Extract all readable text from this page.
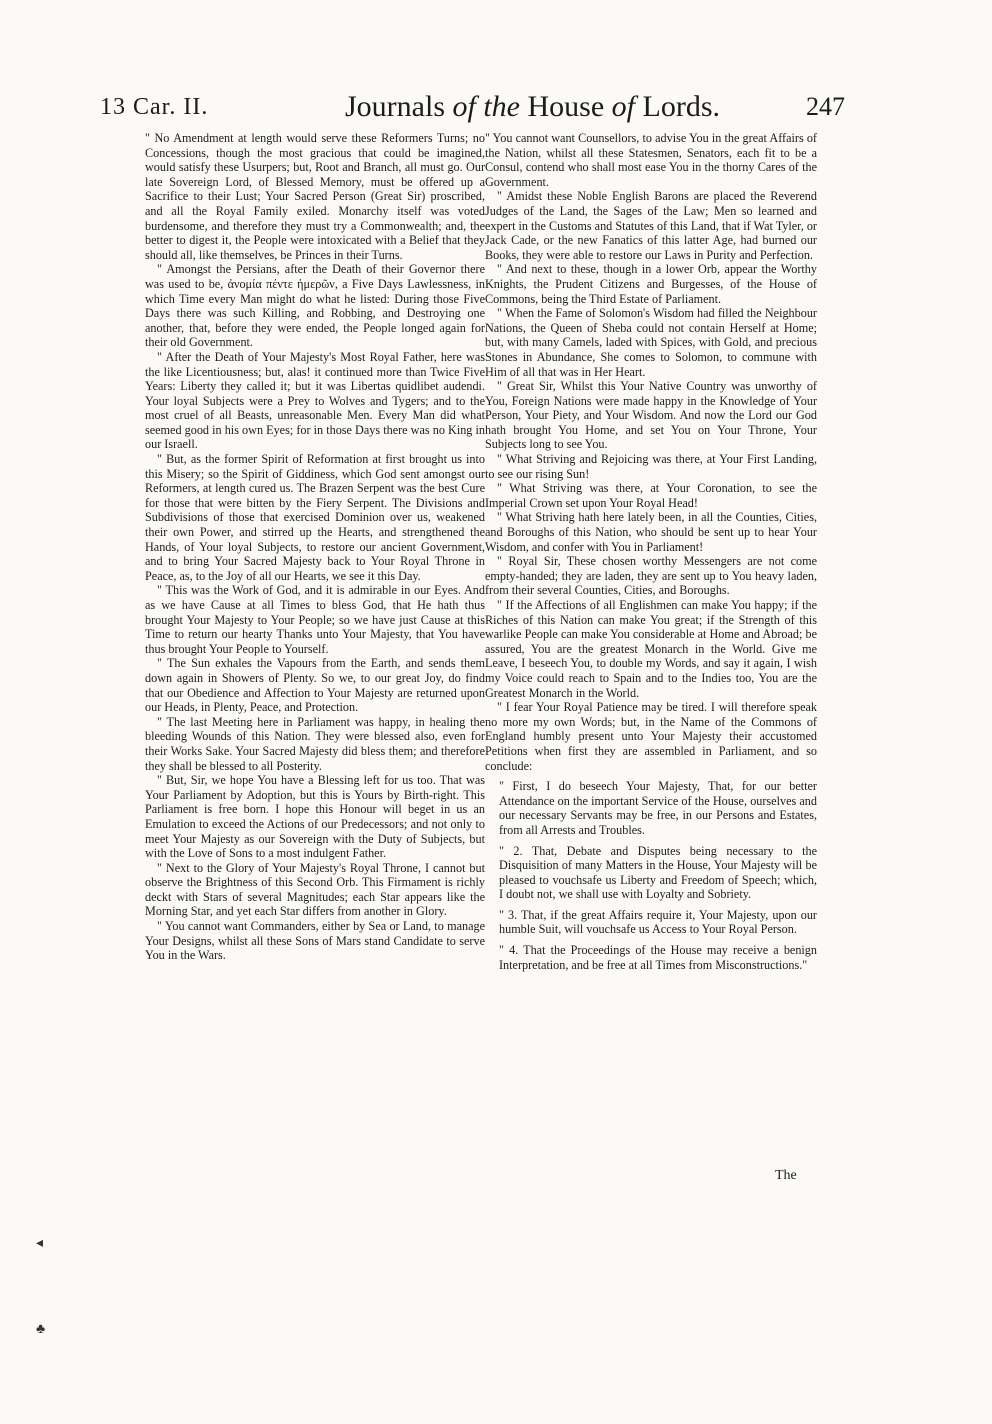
13 Car. II.	Journals of the House of Lords.	247

" No Amendment at length would serve these Reformers Turns; no Concessions, though the most gracious that could be imagined, would satisfy these Usurpers; but, Root and Branch, all must go. Our late Sovereign Lord, of Blessed Memory, must be offered up a Sacrifice to their Lust; Your Sacred Person (Great Sir) proscribed, and all the Royal Family exiled. Monarchy itself was voted burdensome, and therefore they must try a Commonwealth; and, the better to digest it, the People were intoxicated with a Belief that they should all, like themselves, be Princes in their Turns.

" Amongst the Persians, after the Death of their Governor there was used to be, ἀνομία πέντε ἡμερῶν, a Five Days Lawlessness, in which Time every Man might do what he listed: During those Five Days there was such Killing, and Robbing, and Destroying one another, that, before they were ended, the People longed again for their old Government.

" After the Death of Your Majesty's Most Royal Father, here was the like Licentiousness; but, alas! it continued more than Twice Five Years: Liberty they called it; but it was Libertas quidlibet audendi. Your loyal Subjects were a Prey to Wolves and Tygers; and to the most cruel of all Beasts, unreasonable Men. Every Man did what seemed good in his own Eyes; for in those Days there was no King in our Israell.

" But, as the former Spirit of Reformation at first brought us into this Misery; so the Spirit of Giddiness, which God sent amongst our Reformers, at length cured us. The Brazen Serpent was the best Cure for those that were bitten by the Fiery Serpent. The Divisions and Subdivisions of those that exercised Dominion over us, weakened their own Power, and stirred up the Hearts, and strengthened the Hands, of Your loyal Subjects, to restore our ancient Government, and to bring Your Sacred Majesty back to Your Royal Throne in Peace, as, to the Joy of all our Hearts, we see it this Day.

" This was the Work of God, and it is admirable in our Eyes. And as we have Cause at all Times to bless God, that He hath thus brought Your Majesty to Your People; so we have just Cause at this Time to return our hearty Thanks unto Your Majesty, that You have thus brought Your People to Yourself.

" The Sun exhales the Vapours from the Earth, and sends them down again in Showers of Plenty. So we, to our great Joy, do find that our Obedience and Affection to Your Majesty are returned upon our Heads, in Plenty, Peace, and Protection.

" The last Meeting here in Parliament was happy, in healing the bleeding Wounds of this Nation. They were blessed also, even for their Works Sake. Your Sacred Majesty did bless them; and therefore they shall be blessed to all Posterity.

" But, Sir, we hope You have a Blessing left for us too. That was Your Parliament by Adoption, but this is Yours by Birth-right. This Parliament is free born. I hope this Honour will beget in us an Emulation to exceed the Actions of our Predecessors; and not only to meet Your Majesty as our Sovereign with the Duty of Subjects, but with the Love of Sons to a most indulgent Father.

" Next to the Glory of Your Majesty's Royal Throne, I cannot but observe the Brightness of this Second Orb. This Firmament is richly deckt with Stars of several Magnitudes; each Star appears like the Morning Star, and yet each Star differs from another in Glory.

" You cannot want Commanders, either by Sea or Land, to manage Your Designs, whilst all these Sons of Mars stand Candidate to serve You in the Wars.

" You cannot want Counsellors, to advise You in the great Affairs of the Nation, whilst all these Statesmen, Senators, each fit to be a Consul, contend who shall most ease You in the thorny Cares of the Government.

" Amidst these Noble English Barons are placed the Reverend Judges of the Land, the Sages of the Law; Men so learned and expert in the Customs and Statutes of this Land, that if Wat Tyler, or Jack Cade, or the new Fanatics of this latter Age, had burned our Books, they were able to restore our Laws in Purity and Perfection.

" And next to these, though in a lower Orb, appear the Worthy Knights, the Prudent Citizens and Burgesses, of the House of Commons, being the Third Estate of Parliament.

" When the Fame of Solomon's Wisdom had filled the Neighbour Nations, the Queen of Sheba could not contain Herself at Home; but, with many Camels, laded with Spices, with Gold, and precious Stones in Abundance, She comes to Solomon, to commune with Him of all that was in Her Heart.

" Great Sir, Whilst this Your Native Country was unworthy of You, Foreign Nations were made happy in the Knowledge of Your Person, Your Piety, and Your Wisdom. And now the Lord our God hath brought You Home, and set You on Your Throne, Your Subjects long to see You.

" What Striving and Rejoicing was there, at Your First Landing, to see our rising Sun!

" What Striving was there, at Your Coronation, to see the Imperial Crown set upon Your Royal Head!

" What Striving hath here lately been, in all the Counties, Cities, and Boroughs of this Nation, who should be sent up to hear Your Wisdom, and confer with You in Parliament!

" Royal Sir, These chosen worthy Messengers are not come empty-handed; they are laden, they are sent up to You heavy laden, from their several Counties, Cities, and Boroughs.

" If the Affections of all Englishmen can make You happy; if the Riches of this Nation can make You great; if the Strength of this warlike People can make You considerable at Home and Abroad; be assured, You are the greatest Monarch in the World. Give me Leave, I beseech You, to double my Words, and say it again, I wish my Voice could reach to Spain and to the Indies too, You are the Greatest Monarch in the World.

" I fear Your Royal Patience may be tired. I will therefore speak no more my own Words; but, in the Name of the Commons of England humbly present unto Your Majesty their accustomed Petitions when first they are assembled in Parliament, and so conclude:

" First, I do beseech Your Majesty, That, for our better Attendance on the important Service of the House, ourselves and our necessary Servants may be free, in our Persons and Estates, from all Arrests and Troubles.

" 2. That, Debate and Disputes being necessary to the Disquisition of many Matters in the House, Your Majesty will be pleased to vouchsafe us Liberty and Freedom of Speech; which, I doubt not, we shall use with Loyalty and Sobriety.

" 3. That, if the great Affairs require it, Your Majesty, upon our humble Suit, will vouchsafe us Access to Your Royal Person.

" 4. That the Proceedings of the House may receive a benign Interpretation, and be free at all Times from Misconstructions."

The
◂
♣
